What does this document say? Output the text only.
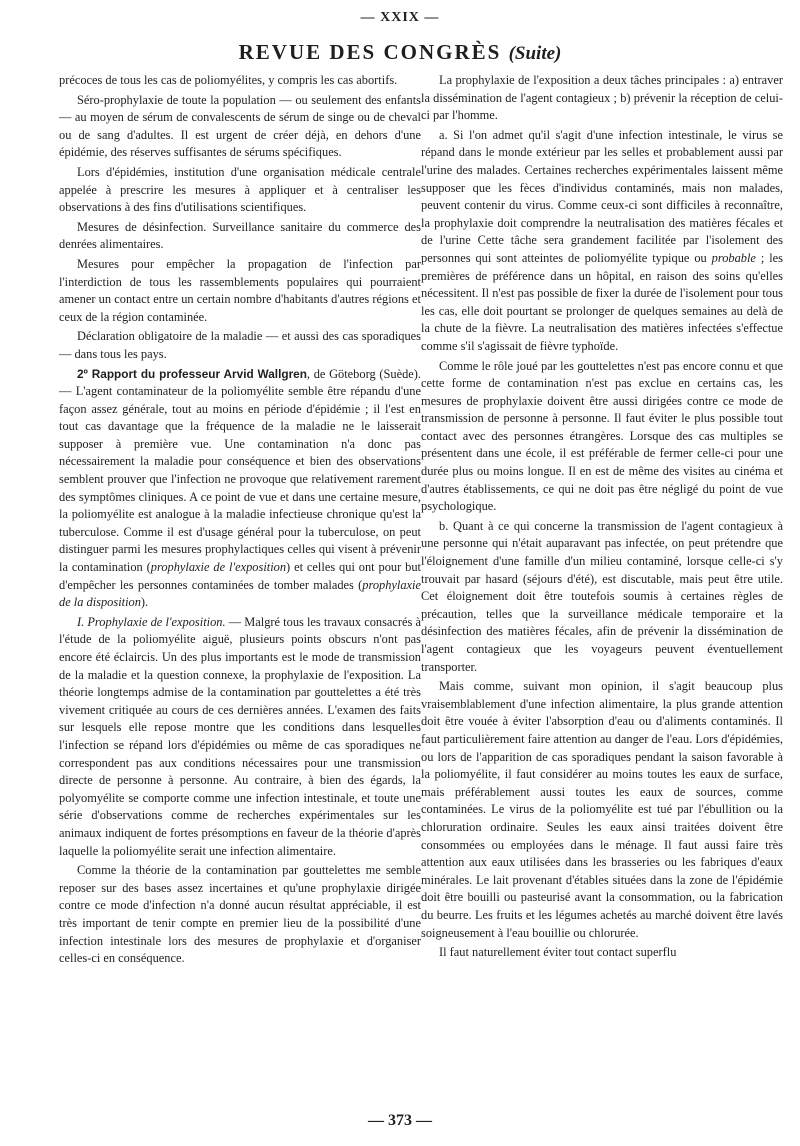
— XXIX —
REVUE DES CONGRÈS (Suite)

précoces de tous les cas de poliomyélites, y compris les cas abortifs.

Séro-prophylaxie de toute la population — ou seulement des enfants — au moyen de sérum de convalescents de sérum de singe ou de cheval ou de sang d'adultes. Il est urgent de créer déjà, en dehors d'une épidémie, des réserves suffisantes de sérums spécifiques.

Lors d'épidémies, institution d'une organisation médicale centrale appelée à prescrire les mesures à appliquer et à centraliser les observations à des fins d'utilisations scientifiques.

Mesures de désinfection. Surveillance sanitaire du commerce des denrées alimentaires.

Mesures pour empêcher la propagation de l'infection par l'interdiction de tous les rassemblements populaires qui pourraient amener un contact entre un certain nombre d'habitants d'autres régions et ceux de la région contaminée.

Déclaration obligatoire de la maladie — et aussi des cas sporadiques — dans tous les pays.

2º Rapport du professeur Arvid Wallgren, de Göteborg (Suède). — L'agent contaminateur de la poliomyélite semble être répandu d'une façon assez générale, tout au moins en période d'épidémie ; il l'est en tout cas davantage que la fréquence de la maladie ne le laisserait supposer à première vue. Une contamination n'a donc pas nécessairement la maladie pour conséquence et bien des observations semblent prouver que l'infection ne provoque que relativement rarement des symptômes cliniques. A ce point de vue et dans une certaine mesure, la poliomyélite est analogue à la maladie infectieuse chronique qu'est la tuberculose. Comme il est d'usage général pour la tuberculose, on peut distinguer parmi les mesures prophylactiques celles qui visent à prévenir la contamination (prophylaxie de l'exposition) et celles qui ont pour but d'empêcher les personnes contaminées de tomber malades (prophylaxie de la disposition).

I. Prophylaxie de l'exposition. — Malgré tous les travaux consacrés à l'étude de la poliomyélite aiguë, plusieurs points obscurs n'ont pas encore été éclaircis. Un des plus importants est le mode de transmission de la maladie et la question connexe, la prophylaxie de l'exposition. La théorie longtemps admise de la contamination par gouttelettes a été très vivement critiquée au cours de ces dernières années. L'examen des faits sur lesquels elle repose montre que les conditions dans lesquelles l'infection se répand lors d'épidémies ou même de cas sporadiques ne correspondent pas aux conditions nécessaires pour une transmission directe de personne à personne. Au contraire, à bien des égards, la polyomyélite se comporte comme une infection intestinale, et toute une série d'observations comme de recherches expérimentales sur les animaux indiquent de fortes présomptions en faveur de la théorie d'après laquelle la poliomyélite serait une infection alimentaire.

Comme la théorie de la contamination par gouttelettes me semble reposer sur des bases assez incertaines et qu'une prophylaxie dirigée contre ce mode d'infection n'a donné aucun résultat appréciable, il est très important de tenir compte en premier lieu de la possibilité d'une infection intestinale lors des mesures de prophylaxie et d'organiser celles-ci en conséquence.

La prophylaxie de l'exposition a deux tâches principales : a) entraver la dissémination de l'agent contagieux ; b) prévenir la réception de celui-ci par l'homme.

a. Si l'on admet qu'il s'agit d'une infection intestinale, le virus se répand dans le monde extérieur par les selles et probablement aussi par l'urine des malades. Certaines recherches expérimentales laissent même supposer que les fèces d'individus contaminés, mais non malades, peuvent contenir du virus. Comme ceux-ci sont difficiles à reconnaître, la prophylaxie doit comprendre la neutralisation des matières fécales et de l'urine Cette tâche sera grandement facilitée par l'isolement des personnes qui sont atteintes de poliomyélite typique ou probable ; les premières de préférence dans un hôpital, en raison des soins qu'elles nécessitent. Il n'est pas possible de fixer la durée de l'isolement pour tous les cas, elle doit pourtant se prolonger de quelques semaines au delà de la chute de la fièvre. La neutralisation des matières infectées s'effectue comme s'il s'agissait de fièvre typhoïde.

Comme le rôle joué par les gouttelettes n'est pas encore connu et que cette forme de contamination n'est pas exclue en certains cas, les mesures de prophylaxie doivent être aussi dirigées contre ce mode de transmission de personne à personne. Il faut éviter le plus possible tout contact avec des personnes étrangères. Lorsque des cas multiples se présentent dans une école, il est préférable de fermer celle-ci pour une durée plus ou moins longue. Il en est de même des visites au cinéma et d'autres établissements, ce qui ne doit pas être négligé du point de vue psychologique.

b. Quant à ce qui concerne la transmission de l'agent contagieux à une personne qui n'était auparavant pas infectée, on peut prétendre que l'éloignement d'une famille d'un milieu contaminé, lorsque celle-ci s'y trouvait par hasard (séjours d'été), est discutable, mais peut être utile. Cet éloignement doit être toutefois soumis à certaines règles de précaution, telles que la surveillance médicale temporaire et la désinfection des matières fécales, afin de prévenir la dissémination de l'agent contagieux que les voyageurs peuvent éventuellement transporter.

Mais comme, suivant mon opinion, il s'agit beaucoup plus vraisemblablement d'une infection alimentaire, la plus grande attention doit être vouée à éviter l'absorption d'eau ou d'aliments contaminés. Il faut particulièrement faire attention au danger de l'eau. Lors d'épidémies, ou lors de l'apparition de cas sporadiques pendant la saison favorable à la poliomyélite, il faut considérer au moins toutes les eaux de surface, mais préférablement aussi toutes les eaux de sources, comme contaminées. Le virus de la poliomyélite est tué par l'ébullition ou la chloruration ordinaire. Seules les eaux ainsi traitées doivent être consommées ou employées dans le ménage. Il faut aussi faire très attention aux eaux utilisées dans les brasseries ou les fabriques d'eaux minérales. Le lait provenant d'étables situées dans la zone de l'épidémie doit être bouilli ou pasteurisé avant la consommation, ou la fabrication du beurre. Les fruits et les légumes achetés au marché doivent être lavés soigneusement à l'eau bouillie ou chlorurée.

Il faut naturellement éviter tout contact superflu

— 373 —
